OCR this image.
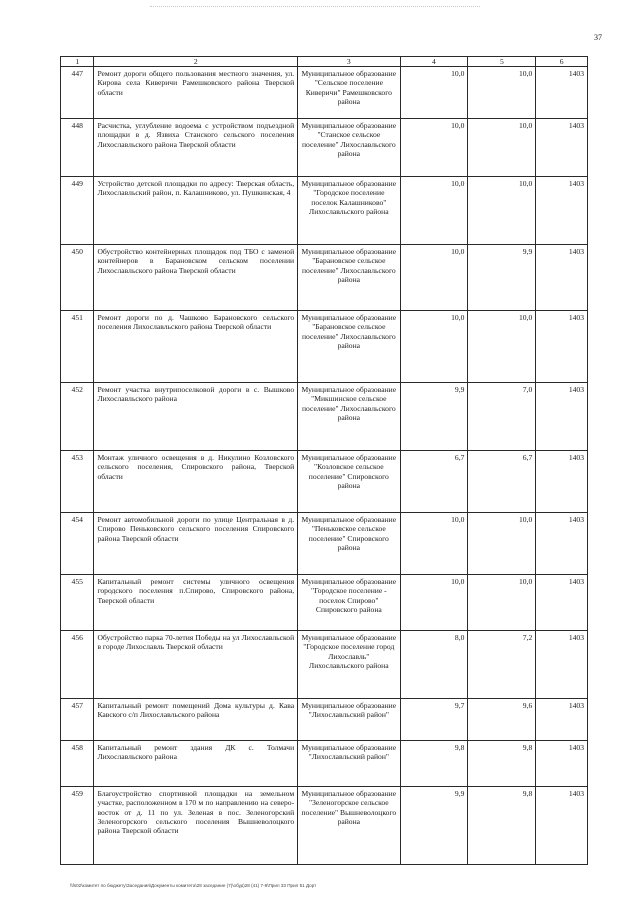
37
1	2	3	4	5	6
447	Ремонт дороги общего пользования местного значения, ул. Кирова села Киверичи Рамешковского района Тверской области	Муниципальное образование "Сельское поселение Киверичи" Рамешковского района	10,0	10,0	1403
448	Расчистка, углубление водоема с устройством подъездной площадки в д. Язвиха Станского сельского поселения Лихославльского района Тверской области	Муниципальное образование "Станское сельское поселение" Лихославльского района	10,0	10,0	1403
449	Устройство детской площадки по адресу: Тверская область, Лихославльский район, п. Калашниково, ул. Пушкинская, 4	Муниципальное образование "Городское поселение поселок Калашниково" Лихославльского района	10,0	10,0	1403
450	Обустройство контейнерных площадок под ТБО с заменой контейнеров в Барановском сельском поселении Лихославльского района Тверской области	Муниципальное образование "Барановское сельское поселение" Лихославльского района	10,0	9,9	1403
451	Ремонт дороги по д. Чашково Барановского сельского поселения Лихославльского района Тверской области	Муниципальное образование "Барановское сельское поселение" Лихославльского района	10,0	10,0	1403
452	Ремонт участка внутрипоселковой дороги в с. Вышково Лихославльского района	Муниципальное образование "Микшинское сельское поселение" Лихославльского района	9,9	7,0	1403
453	Монтаж уличного освещения в д. Никулино Козловского сельского поселения, Спировского района, Тверской области	Муниципальное образование "Козловское сельское поселение" Спировского района	6,7	6,7	1403
454	Ремонт автомобильной дороги по улице Центральная в д. Спирово Пеньковского сельского поселения Спировского района Тверской области	Муниципальное образование "Пеньковское сельское поселение" Спировского района	10,0	10,0	1403
455	Капитальный ремонт системы уличного освещения городского поселения п.Спирово, Спировского района, Тверской области	Муниципальное образование "Городское поселение - поселок Спирово" Спировского района	10,0	10,0	1403
456	Обустройство парка 70-летия Победы на ул Лихославльской в городе Лихославль Тверской области	Муниципальное образование "Городское поселение город Лихославль" Лихославльского района	8,0	7,2	1403
457	Капитальный ремонт помещений Дома культуры д. Кава Кавского с/п Лихославльского района	Муниципальное образование "Лихославльский район"	9,7	9,6	1403
458	Капитальный ремонт здания ДК с. Толмачи Лихославльского района	Муниципальное образование "Лихославльский район"	9,8	9,8	1403
459	Благоустройство спортивной площадки на земельном участке, расположенном в 170 м по направлению на северо-восток от д. 11 по ул. Зеленая в пос. Зеленогорский Зеленогорского сельского поселения Вышневолоцкого района Тверской области	Муниципальное образование "Зеленогорское сельское поселение" Вышневолоцкого района	9,9	9,8	1403
\\fs02\комитет по бюджету\Заседания\Документы комитета\28 заседание (7)\обуд\28 (41) 7-8\Прил 33 Прил 51 Дорт
